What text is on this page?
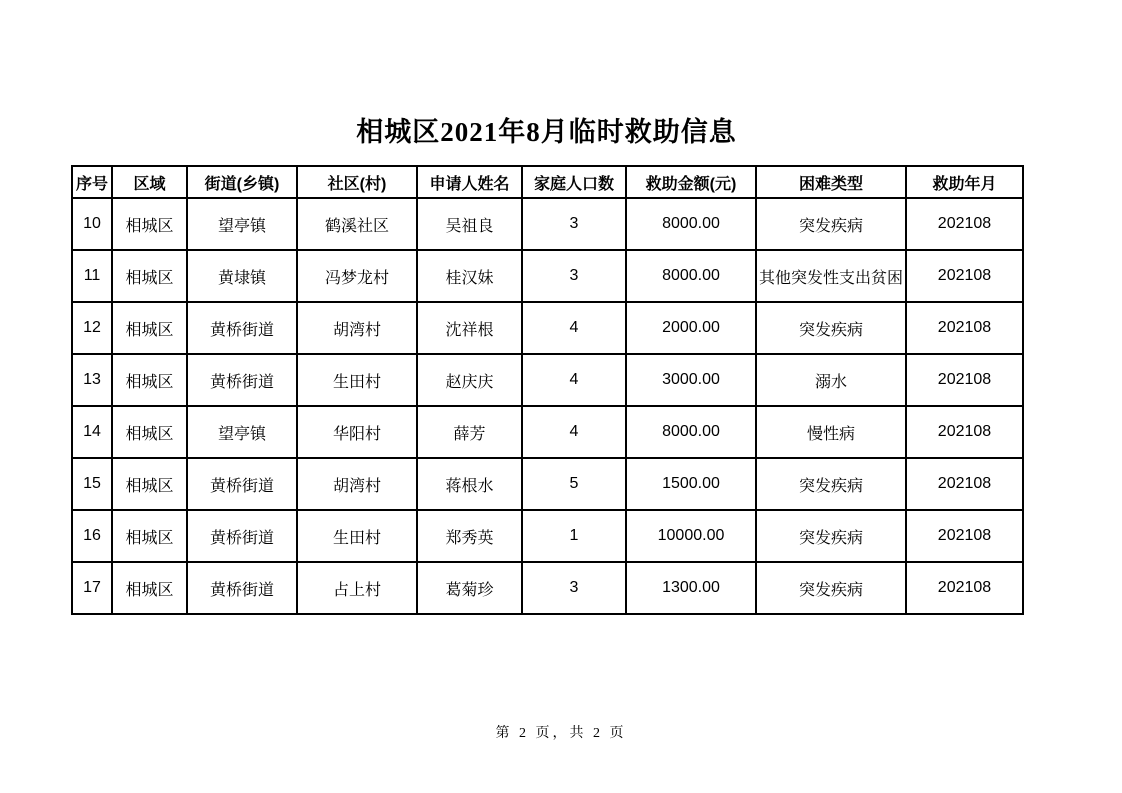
相城区2021年8月临时救助信息
序号	区域	街道(乡镇)	社区(村)	申请人姓名	家庭人口数	救助金额(元)	困难类型	救助年月
10	相城区	望亭镇	鹤溪社区	吴祖良	3	8000.00	突发疾病	202108
11	相城区	黄埭镇	冯梦龙村	桂汉妹	3	8000.00	其他突发性支出贫困	202108
12	相城区	黄桥街道	胡湾村	沈祥根	4	2000.00	突发疾病	202108
13	相城区	黄桥街道	生田村	赵庆庆	4	3000.00	溺水	202108
14	相城区	望亭镇	华阳村	薛芳	4	8000.00	慢性病	202108
15	相城区	黄桥街道	胡湾村	蒋根水	5	1500.00	突发疾病	202108
16	相城区	黄桥街道	生田村	郑秀英	1	10000.00	突发疾病	202108
17	相城区	黄桥街道	占上村	葛菊珍	3	1300.00	突发疾病	202108
第 2 页，共 2 页
